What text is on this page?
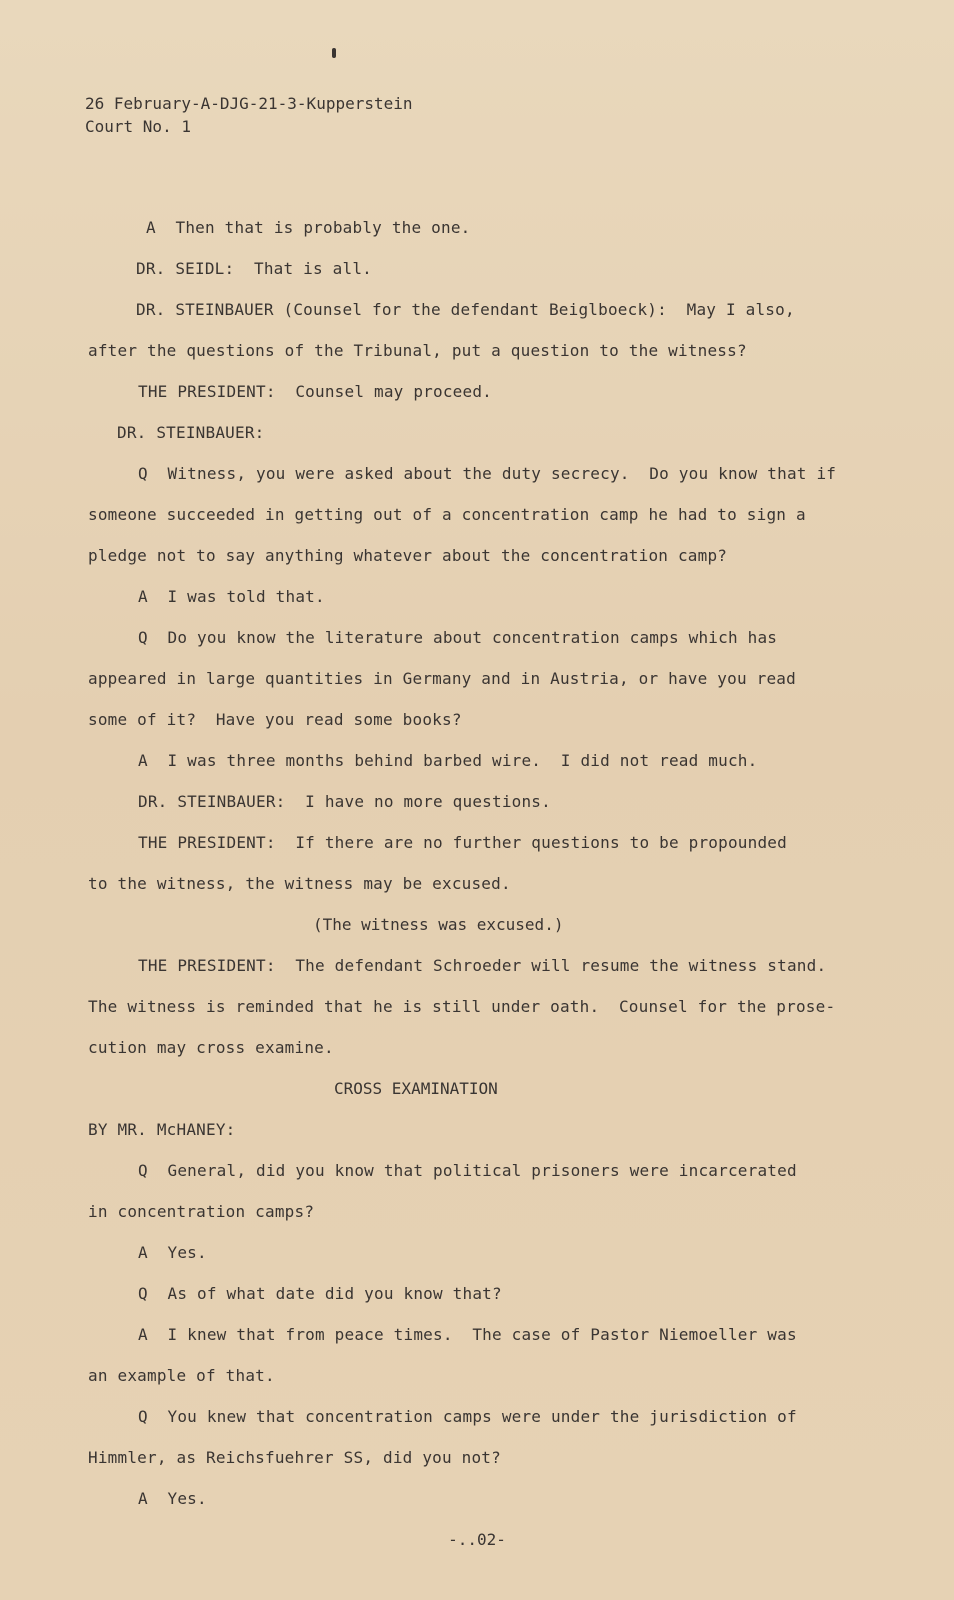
26 February-A-DJG-21-3-Kupperstein
Court No. 1
A  Then that is probably the one.
DR. SEIDL:  That is all.
DR. STEINBAUER (Counsel for the defendant Beiglboeck):  May I also,
after the questions of the Tribunal, put a question to the witness?
THE PRESIDENT:  Counsel may proceed.
DR. STEINBAUER:
Q  Witness, you were asked about the duty secrecy.  Do you know that if
someone succeeded in getting out of a concentration camp he had to sign a
pledge not to say anything whatever about the concentration camp?
A  I was told that.
Q  Do you know the literature about concentration camps which has
appeared in large quantities in Germany and in Austria, or have you read
some of it?  Have you read some books?
A  I was three months behind barbed wire.  I did not read much.
DR. STEINBAUER:  I have no more questions.
THE PRESIDENT:  If there are no further questions to be propounded
to the witness, the witness may be excused.
(The witness was excused.)
THE PRESIDENT:  The defendant Schroeder will resume the witness stand.
The witness is reminded that he is still under oath.  Counsel for the prose-
cution may cross examine.
CROSS EXAMINATION
BY MR. McHANEY:
Q  General, did you know that political prisoners were incarcerated
in concentration camps?
A  Yes.
Q  As of what date did you know that?
A  I knew that from peace times.  The case of Pastor Niemoeller was
an example of that.
Q  You knew that concentration camps were under the jurisdiction of
Himmler, as Reichsfuehrer SS, did you not?
A  Yes.
-..02-
